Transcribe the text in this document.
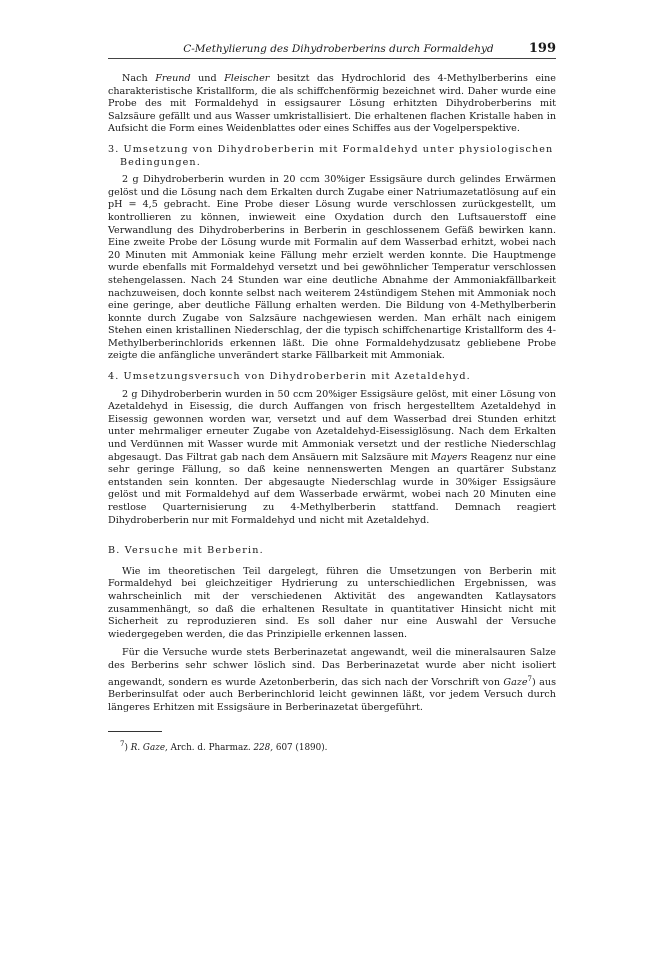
C-Methylierung des Dihydroberberins durch Formaldehyd	199

Nach Freund und Fleischer besitzt das Hydrochlorid des 4-Methylberberins eine charakteristische Kristallform, die als schiffchenförmig bezeichnet wird. Daher wurde eine Probe des mit Formaldehyd in essigsaurer Lösung erhitzten Dihydroberberins mit Salzsäure gefällt und aus Wasser umkristallisiert. Die erhaltenen flachen Kristalle haben in Aufsicht die Form eines Weidenblattes oder eines Schiffes aus der Vogelperspektive.

3. Umsetzung von Dihydroberberin mit Formaldehyd unter physiologischen Bedingungen.

2 g Dihydroberberin wurden in 20 ccm 30%iger Essigsäure durch gelindes Erwärmen gelöst und die Lösung nach dem Erkalten durch Zugabe einer Natriumazetatlösung auf ein pH = 4,5 gebracht. Eine Probe dieser Lösung wurde verschlossen zurückgestellt, um kontrollieren zu können, inwieweit eine Oxydation durch den Luftsauerstoff eine Verwandlung des Dihydroberberins in Berberin in geschlossenem Gefäß bewirken kann. Eine zweite Probe der Lösung wurde mit Formalin auf dem Wasserbad erhitzt, wobei nach 20 Minuten mit Ammoniak keine Fällung mehr erzielt werden konnte. Die Hauptmenge wurde ebenfalls mit Formaldehyd versetzt und bei gewöhnlicher Temperatur verschlossen stehengelassen. Nach 24 Stunden war eine deutliche Abnahme der Ammoniakfällbarkeit nachzuweisen, doch konnte selbst nach weiterem 24stündigem Stehen mit Ammoniak noch eine geringe, aber deutliche Fällung erhalten werden. Die Bildung von 4-Methylberberin konnte durch Zugabe von Salzsäure nachgewiesen werden. Man erhält nach einigem Stehen einen kristallinen Niederschlag, der die typisch schiffchenartige Kristallform des 4-Methylberberinchlorids erkennen läßt. Die ohne Formaldehydzusatz gebliebene Probe zeigte die anfängliche unverändert starke Fällbarkeit mit Ammoniak.

4. Umsetzungsversuch von Dihydroberberin mit Azetaldehyd.

2 g Dihydroberberin wurden in 50 ccm 20%iger Essigsäure gelöst, mit einer Lösung von Azetaldehyd in Eisessig, die durch Auffangen von frisch hergestelltem Azetaldehyd in Eisessig gewonnen worden war, versetzt und auf dem Wasserbad drei Stunden erhitzt unter mehrmaliger erneuter Zugabe von Azetaldehyd-Eisessiglösung. Nach dem Erkalten und Verdünnen mit Wasser wurde mit Ammoniak versetzt und der restliche Niederschlag abgesaugt. Das Filtrat gab nach dem Ansäuern mit Salzsäure mit Mayers Reagenz nur eine sehr geringe Fällung, so daß keine nennenswerten Mengen an quartärer Substanz entstanden sein konnten. Der abgesaugte Niederschlag wurde in 30%iger Essigsäure gelöst und mit Formaldehyd auf dem Wasserbade erwärmt, wobei nach 20 Minuten eine restlose Quarternisierung zu 4-Methylberberin stattfand. Demnach reagiert Dihydroberberin nur mit Formaldehyd und nicht mit Azetaldehyd.

B. Versuche mit Berberin.

Wie im theoretischen Teil dargelegt, führen die Umsetzungen von Berberin mit Formaldehyd bei gleichzeitiger Hydrierung zu unterschiedlichen Ergebnissen, was wahrscheinlich mit der verschiedenen Aktivität des angewandten Katlaysators zusammenhängt, so daß die erhaltenen Resultate in quantitativer Hinsicht nicht mit Sicherheit zu reproduzieren sind. Es soll daher nur eine Auswahl der Versuche wiedergegeben werden, die das Prinzipielle erkennen lassen.

Für die Versuche wurde stets Berberinazetat angewandt, weil die mineralsauren Salze des Berberins sehr schwer löslich sind. Das Berberinazetat wurde aber nicht isoliert angewandt, sondern es wurde Azetonberberin, das sich nach der Vorschrift von Gaze$^7$) aus Berberinsulfat oder auch Berberinchlorid leicht gewinnen läßt, vor jedem Versuch durch längeres Erhitzen mit Essigsäure in Berberinazetat übergeführt.

$^7$) R. Gaze, Arch. d. Pharmaz. 228, 607 (1890).
